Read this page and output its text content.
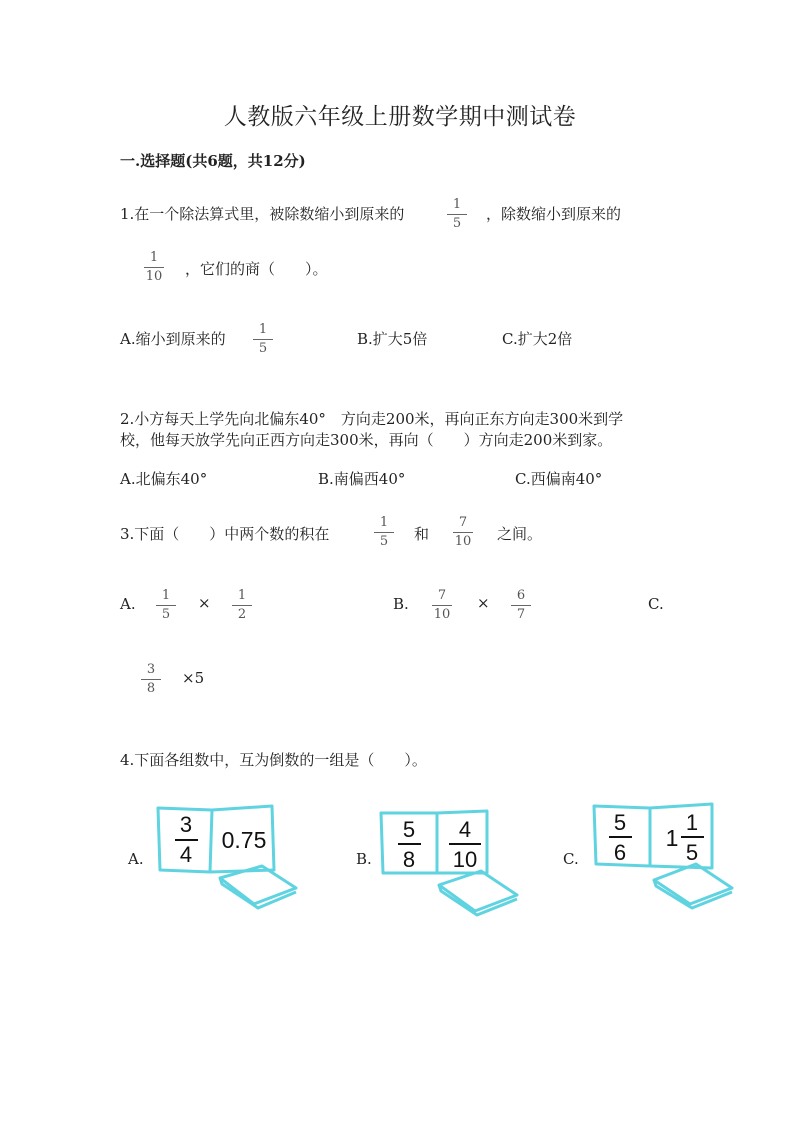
人教版六年级上册数学期中测试卷
一.选择题(共6题，共12分)
1.在一个除法算式里，被除数缩小到原来的
1
5
，除数缩小到原来的
1
10	，它们的商（　　）。
A.缩小到原来的
1
5
B.扩大5倍	C.扩大2倍
2.小方每天上学先向北偏东40°　方向走200米，再向正东方向走300米到学
校，他每天放学先向正西方向走300米，再向（　　）方向走200米到家。
A.北偏东40°	B.南偏西40°	C.西偏南40°
3.下面（　　）中两个数的积在
1
5	和
7
10	之间。
A.	1
5
×	1
2
B.	7
10
×	6
7
C.
3
8
×5
4.下面各组数中，互为倒数的一组是（　　）。
A.
3
4
0.75
B.
5
8
4
10	C.
5
6
1
1
5
